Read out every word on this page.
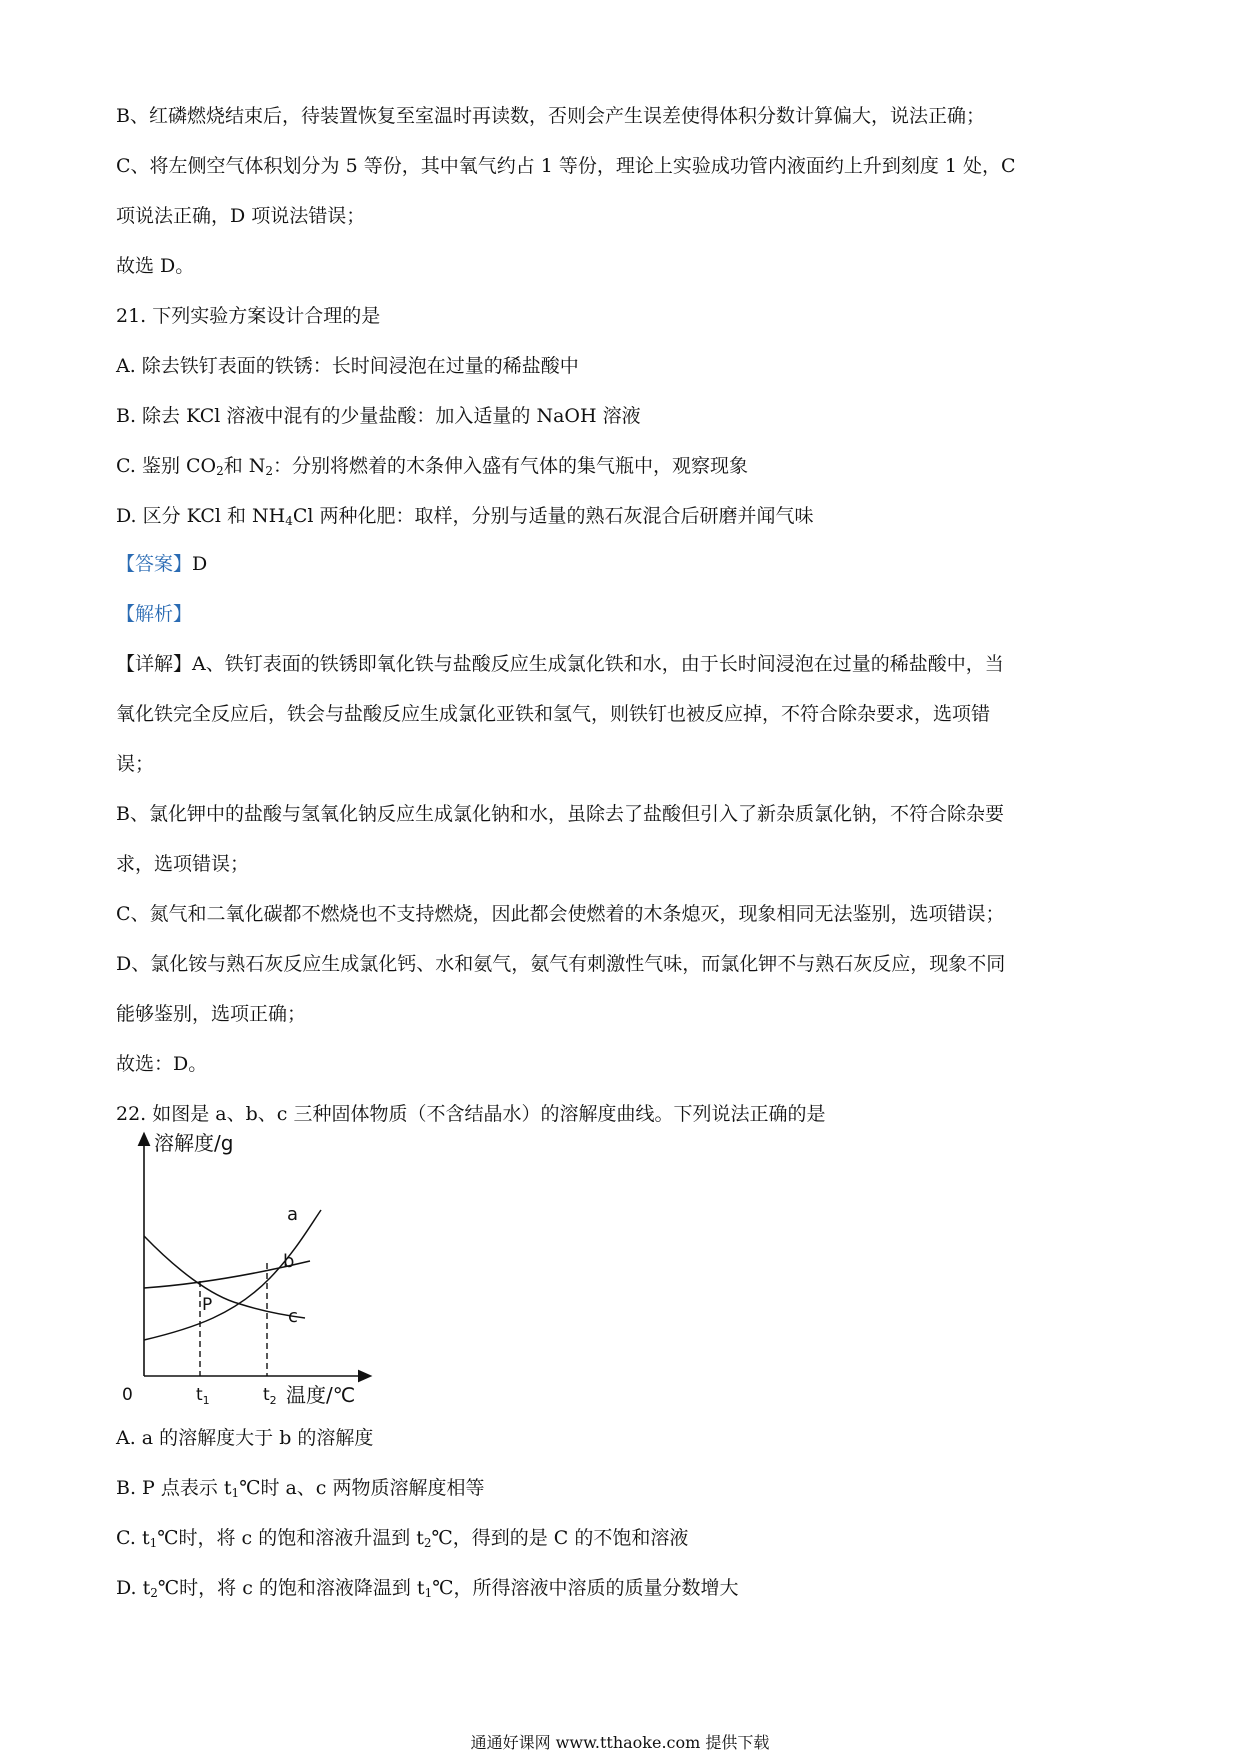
B、红磷燃烧结束后，待装置恢复至室温时再读数，否则会产生误差使得体积分数计算偏大，说法正确；
C、将左侧空气体积划分为 5 等份，其中氧气约占 1 等份，理论上实验成功管内液面约上升到刻度 1 处，C
项说法正确，D 项说法错误；
故选 D。
21. 下列实验方案设计合理的是
A. 除去铁钉表面的铁锈：长时间浸泡在过量的稀盐酸中
B. 除去 KCl 溶液中混有的少量盐酸：加入适量的 NaOH 溶液
C. 鉴别 $CO_2$和 $N_2$：分别将燃着的木条伸入盛有气体的集气瓶中，观察现象
D. 区分 KCl 和 $NH_4Cl$ 两种化肥：取样，分别与适量的熟石灰混合后研磨并闻气味
【答案】D
【解析】
【详解】A、铁钉表面的铁锈即氧化铁与盐酸反应生成氯化铁和水，由于长时间浸泡在过量的稀盐酸中，当
氧化铁完全反应后，铁会与盐酸反应生成氯化亚铁和氢气，则铁钉也被反应掉，不符合除杂要求，选项错
误；
B、氯化钾中的盐酸与氢氧化钠反应生成氯化钠和水，虽除去了盐酸但引入了新杂质氯化钠，不符合除杂要
求，选项错误；
C、氮气和二氧化碳都不燃烧也不支持燃烧，因此都会使燃着的木条熄灭，现象相同无法鉴别，选项错误；
D、氯化铵与熟石灰反应生成氯化钙、水和氨气，氨气有刺激性气味，而氯化钾不与熟石灰反应，现象不同
能够鉴别，选项正确；
故选：D。
22. 如图是 a、b、c 三种固体物质（不含结晶水）的溶解度曲线。下列说法正确的是
溶解度/g
a
b
c
P
0	$t_1$	$t_2$ 温度/℃
A. a 的溶解度大于 b 的溶解度
B. P 点表示 $t_1℃$时 a、c 两物质溶解度相等
C. $t_1℃$时，将 c 的饱和溶液升温到 $t_2℃$，得到的是 C 的不饱和溶液
D. $t_2℃$时，将 c 的饱和溶液降温到 $t_1℃$，所得溶液中溶质的质量分数增大
通通好课网 www.tthaoke.com 提供下载
